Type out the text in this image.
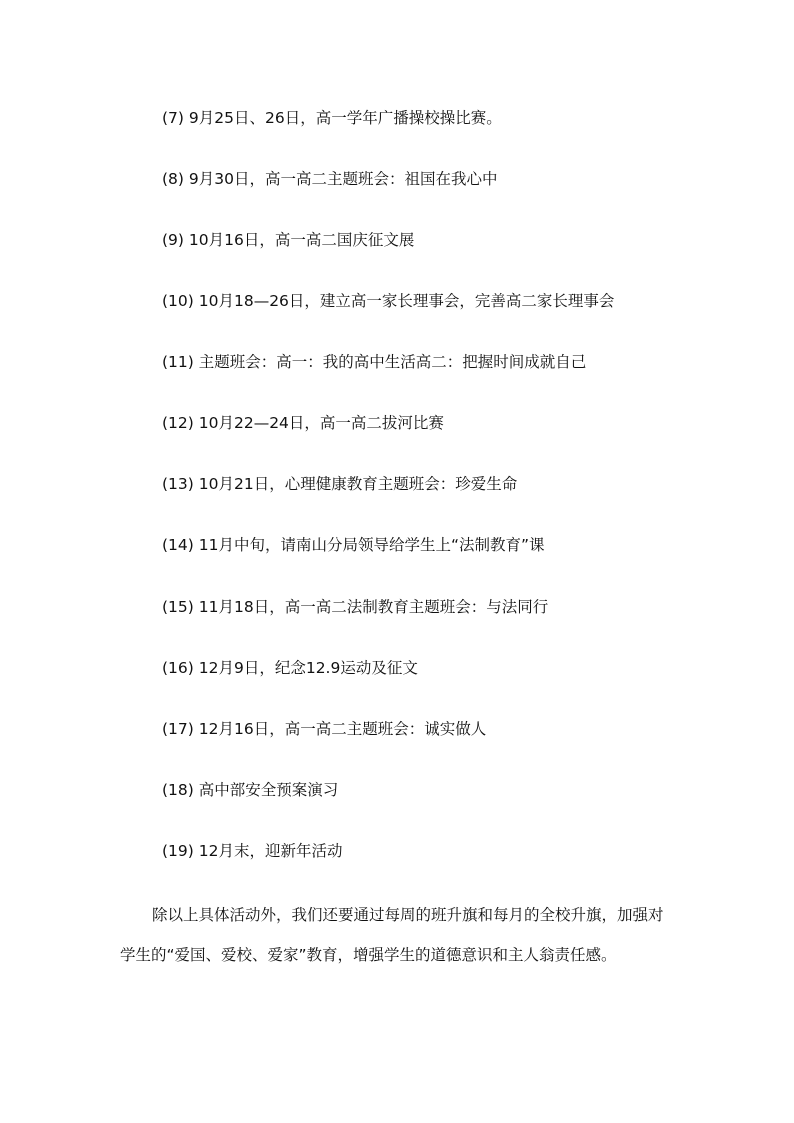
(7) 9月25日、26日，高一学年广播操校操比赛。
(8) 9月30日，高一高二主题班会：祖国在我心中
(9) 10月16日，高一高二国庆征文展
(10) 10月18—26日，建立高一家长理事会，完善高二家长理事会
(11) 主题班会：高一：我的高中生活高二：把握时间成就自己
(12) 10月22—24日，高一高二拔河比赛
(13) 10月21日，心理健康教育主题班会：珍爱生命
(14) 11月中旬，请南山分局领导给学生上“法制教育”课
(15) 11月18日，高一高二法制教育主题班会：与法同行
(16) 12月9日，纪念12.9运动及征文
(17) 12月16日，高一高二主题班会：诚实做人
(18) 高中部安全预案演习
(19) 12月末，迎新年活动
除以上具体活动外，我们还要通过每周的班升旗和每月的全校升旗，加强对
学生的“爱国、爱校、爱家”教育，增强学生的道德意识和主人翁责任感。
